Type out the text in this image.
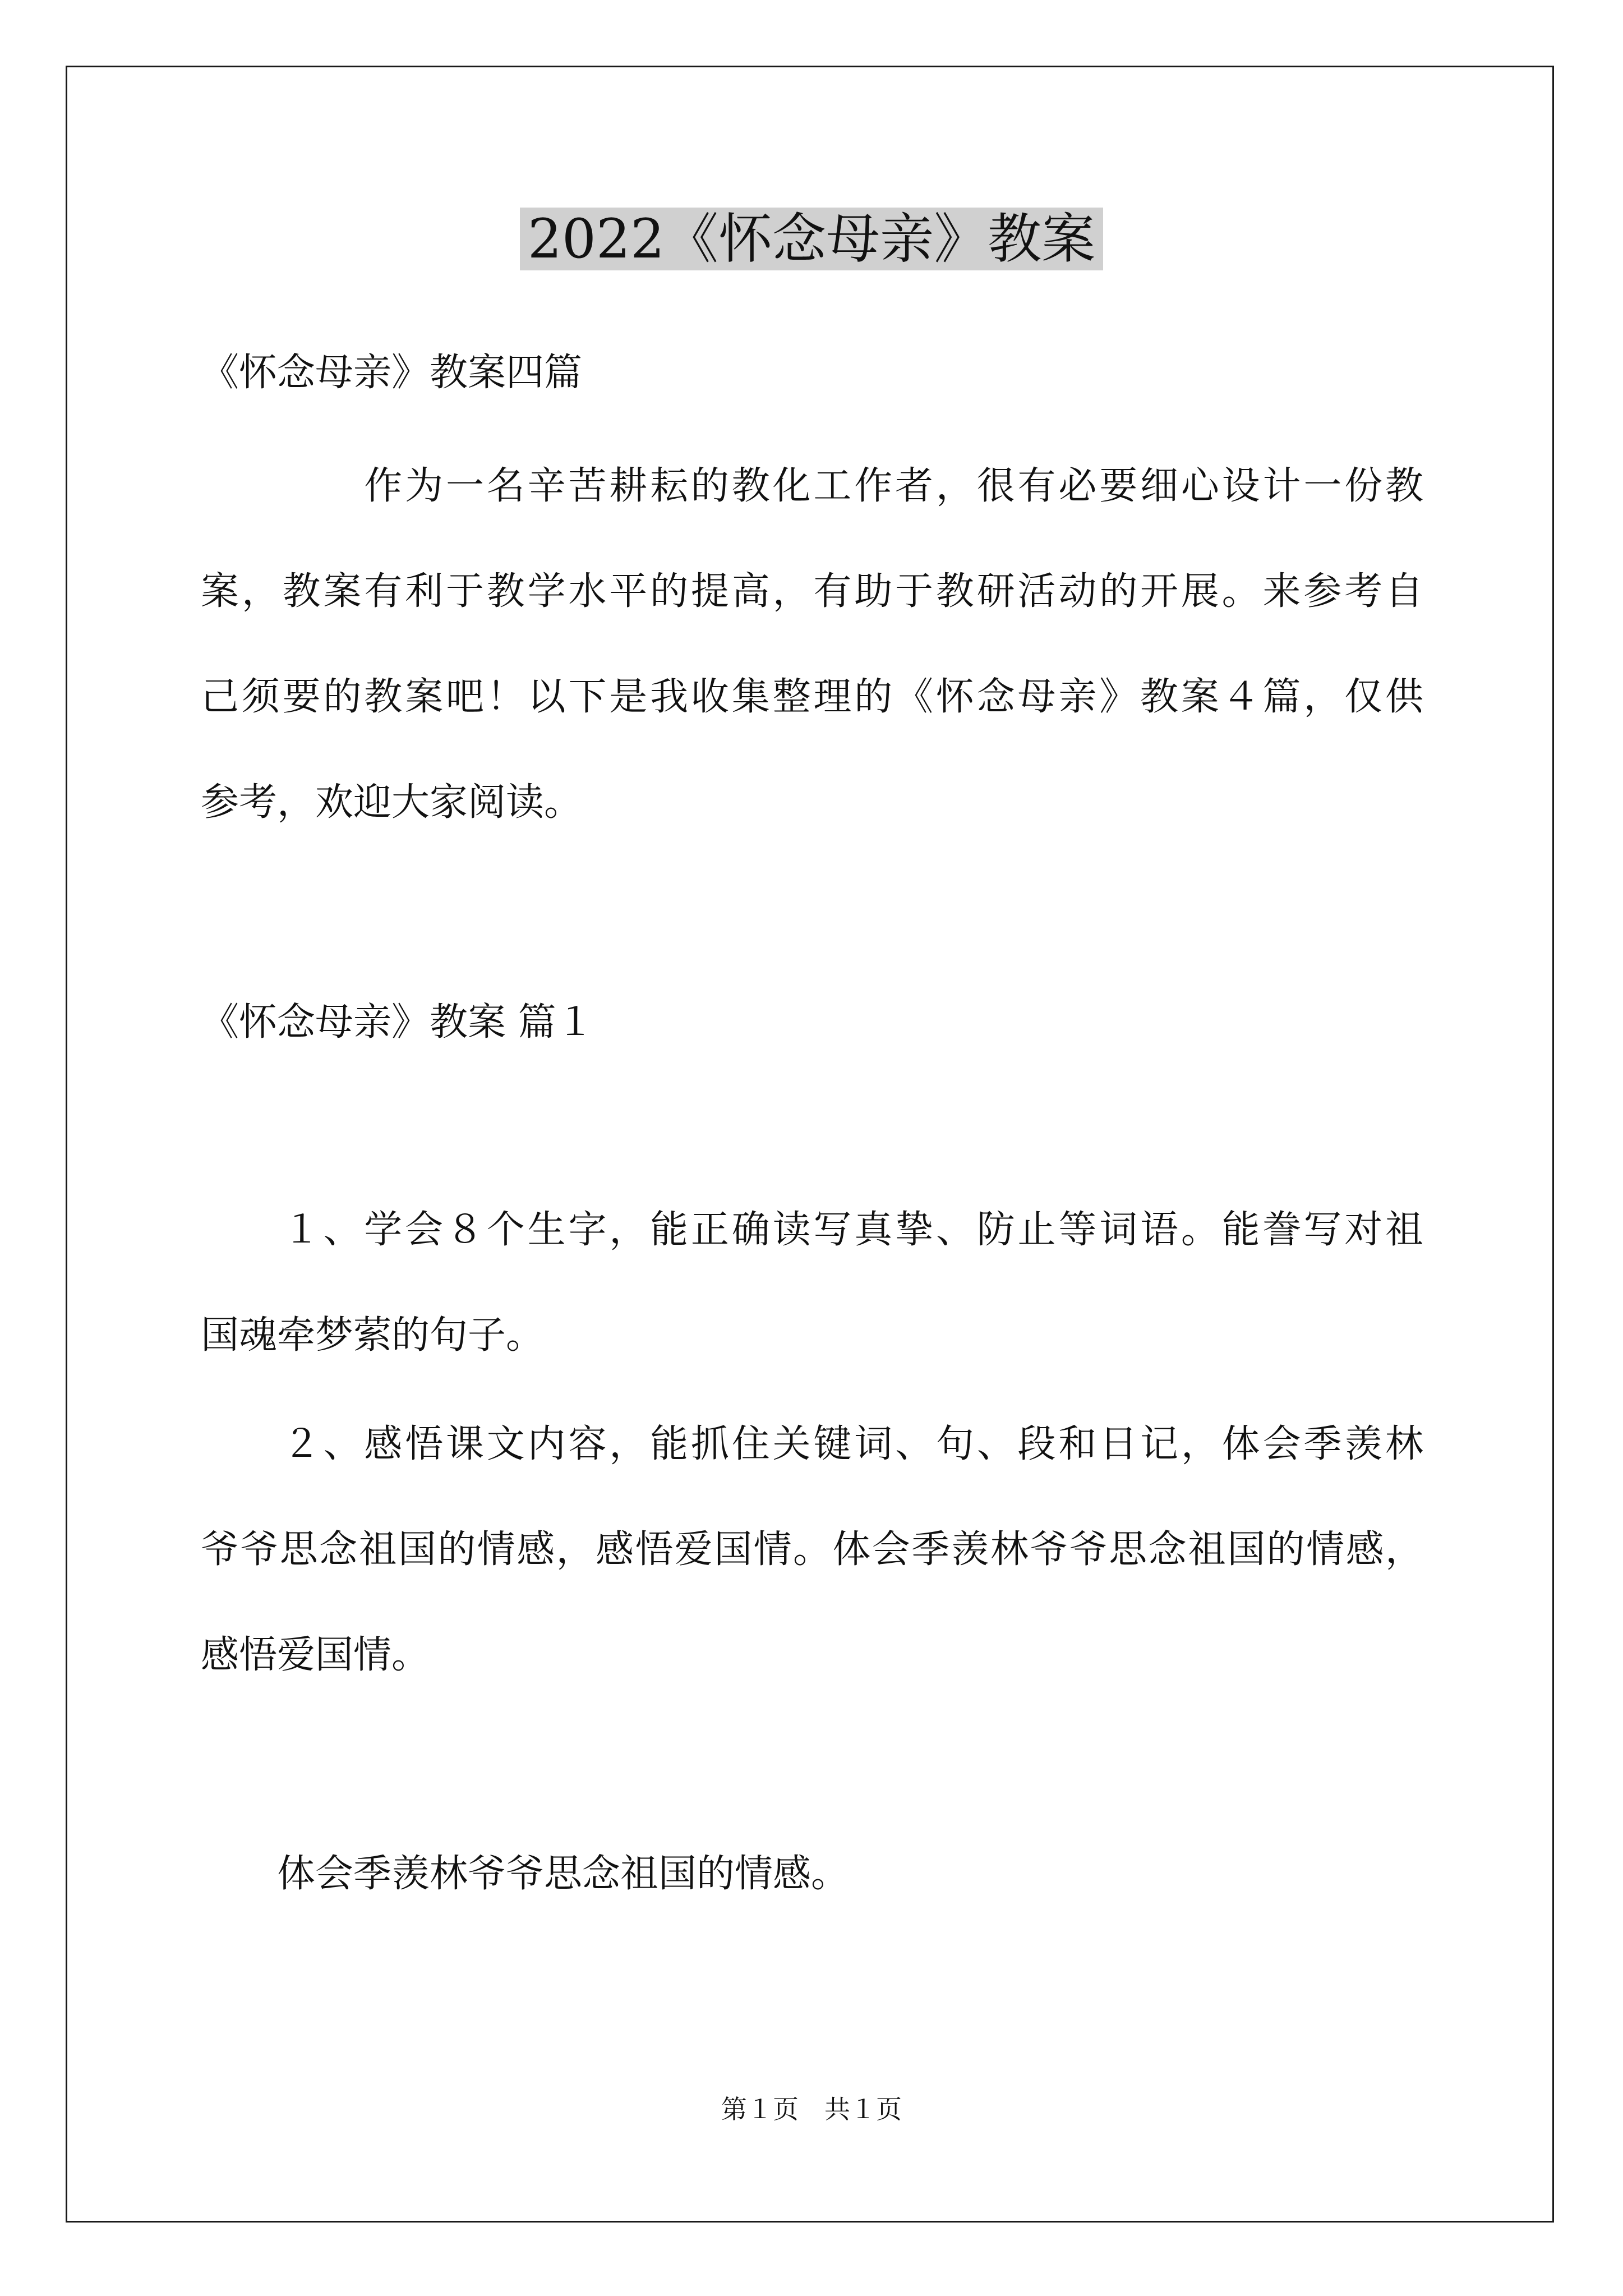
2022《怀念母亲》教案
《怀念母亲》教案四篇
　　　　作为一名辛苦耕耘的教化工作者，很有必要细心设计一份教
案，教案有利于教学水平的提高，有助于教研活动的开展。来参考自
己须要的教案吧！以下是我收集整理的《怀念母亲》教案４篇，仅供
参考，欢迎大家阅读。
《怀念母亲》教案 篇１
　　１、学会８个生字，能正确读写真挚、防止等词语。能誊写对祖
国魂牵梦萦的句子。
　　２、感悟课文内容，能抓住关键词、句、段和日记，体会季羡林
爷爷思念祖国的情感，感悟爱国情。体会季羡林爷爷思念祖国的情感，
感悟爱国情。
　　体会季羡林爷爷思念祖国的情感。
第１页　共１页
